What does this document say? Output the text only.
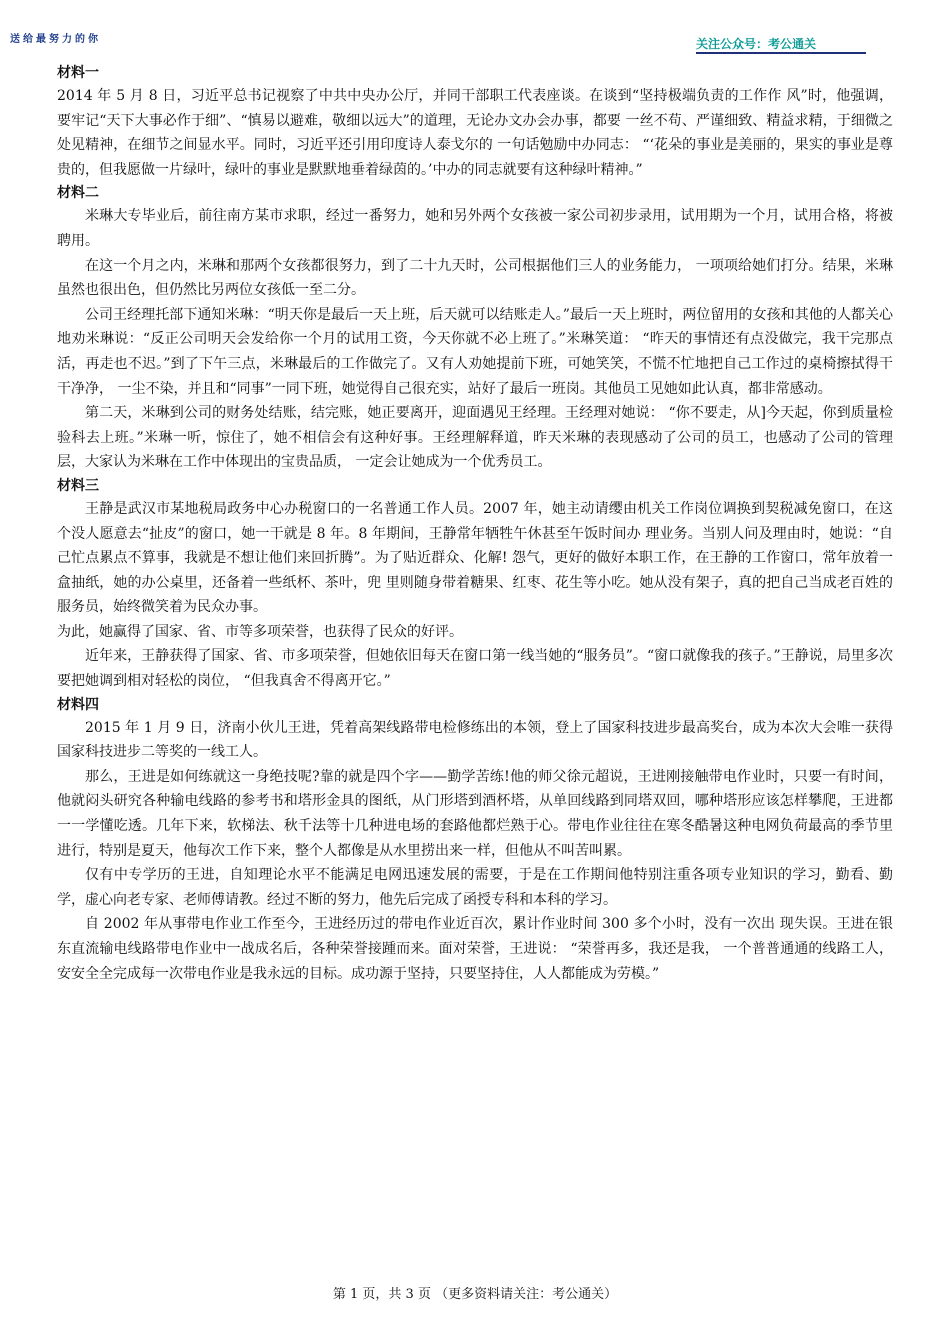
送给最努力的你	关注公众号：考公通关
材料一

2014 年 5 月 8 日，习近平总书记视察了中共中央办公厅，并同干部职工代表座谈。在谈到“坚持极端负责的工作作 风”时，他强调，要牢记“天下大事必作于细”、“慎易以避难，敬细以远大”的道理，无论办文办会办事，都要 一丝不苟、严谨细致、精益求精，于细微之处见精神，在细节之间显水平。同时，习近平还引用印度诗人泰戈尔的 一句话勉励中办同志： “‘花朵的事业是美丽的，果实的事业是尊贵的，但我愿做一片绿叶，绿叶的事业是默默地垂着绿茵的。’中办的同志就要有这种绿叶精神。”

材料二

米琳大专毕业后，前往南方某市求职，经过一番努力，她和另外两个女孩被一家公司初步录用，试用期为一个月，试用合格，将被聘用。

在这一个月之内，米琳和那两个女孩都很努力，到了二十九天时，公司根据他们三人的业务能力， 一项项给她们打分。结果，米琳虽然也很出色，但仍然比另两位女孩低一至二分。

公司王经理托部下通知米琳：“明天你是最后一天上班，后天就可以结账走人。”最后一天上班时，两位留用的女孩和其他的人都关心地劝米琳说：“反正公司明天会发给你一个月的试用工资，今天你就不必上班了。”米琳笑道： “昨天的事情还有点没做完，我干完那点活，再走也不迟。”到了下午三点，米琳最后的工作做完了。又有人劝她提前下班，可她笑笑，不慌不忙地把自己工作过的桌椅擦拭得干干净净， 一尘不染，并且和“同事”一同下班，她觉得自己很充实，站好了最后一班岗。其他员工见她如此认真，都非常感动。

第二天，米琳到公司的财务处结账，结完账，她正要离开，迎面遇见王经理。王经理对她说： “你不要走，从]今天起，你到质量检验科去上班。”米琳一听，惊住了，她不相信会有这种好事。王经理解释道，昨天米琳的表现感动了公司的员工，也感动了公司的管理层，大家认为米琳在工作中体现出的宝贵品质， 一定会让她成为一个优秀员工。

材料三

王静是武汉市某地税局政务中心办税窗口的一名普通工作人员。2007 年，她主动请缨由机关工作岗位调换到契税减免窗口，在这个没人愿意去“扯皮”的窗口，她一干就是 8 年。8 年期间，王静常年牺牲午休甚至午饭时间办 理业务。当别人问及理由时，她说：“自己忙点累点不算事，我就是不想让他们来回折腾”。为了贴近群众、化解! 怨气，更好的做好本职工作，在王静的工作窗口，常年放着一盒抽纸，她的办公桌里，还备着一些纸杯、茶叶，兜 里则随身带着糖果、红枣、花生等小吃。她从没有架子，真的把自己当成老百姓的服务员，始终微笑着为民众办事。

为此，她赢得了国家、省、市等多项荣誉，也获得了民众的好评。

近年来，王静获得了国家、省、市多项荣誉，但她依旧每天在窗口第一线当她的“服务员”。“窗口就像我的孩子。”王静说，局里多次要把她调到相对轻松的岗位， “但我真舍不得离开它。”

材料四

2015 年 1 月 9 日，济南小伙儿王进，凭着高架线路带电检修练出的本领，登上了国家科技进步最高奖台，成为本次大会唯一获得国家科技进步二等奖的一线工人。

那么，王进是如何练就这一身绝技呢?靠的就是四个字——勤学苦练!他的师父徐元超说，王进刚接触带电作业时，只要一有时间，他就闷头研究各种输电线路的参考书和塔形金具的图纸，从门形塔到酒杯塔，从单回线路到同塔双回，哪种塔形应该怎样攀爬，王进都一一学懂吃透。几年下来，软梯法、秋千法等十几种进电场的套路他都烂熟于心。带电作业往往在寒冬酷暑这种电网负荷最高的季节里进行，特别是夏天，他每次工作下来，整个人都像是从水里捞出来一样，但他从不叫苦叫累。

仅有中专学历的王进，自知理论水平不能满足电网迅速发展的需要，于是在工作期间他特别注重各项专业知识的学习，勤看、勤学，虚心向老专家、老师傅请教。经过不断的努力，他先后完成了函授专科和本科的学习。

自 2002 年从事带电作业工作至今，王进经历过的带电作业近百次，累计作业时间 300 多个小时，没有一次出 现失误。王进在银东直流输电线路带电作业中一战成名后，各种荣誉接踵而来。面对荣誉，王进说： “荣誉再多，我还是我， 一个普普通通的线路工人，安安全全完成每一次带电作业是我永远的目标。成功源于坚持，只要坚持住，人人都能成为劳模。”

第 1 页，共 3 页 （更多资料请关注：考公通关）
